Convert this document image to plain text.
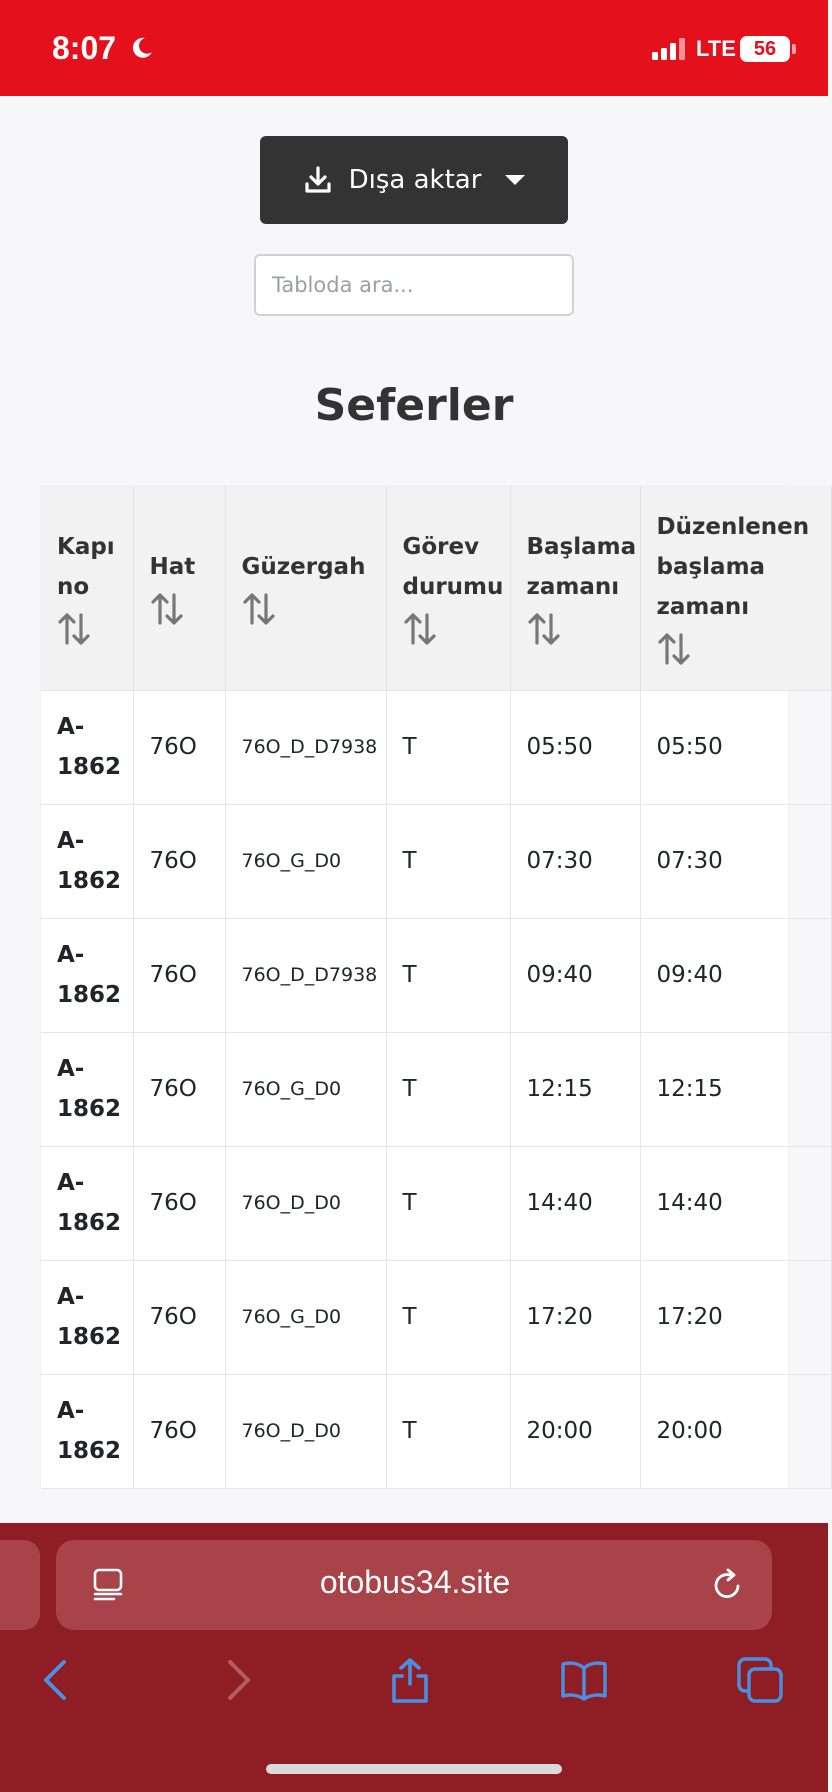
8:07	LTE 56
Dışa aktar
Tabloda ara...
Seferler
Kapı no	Hat	Güzergah	Görev durumu	Başlama zamanı	Düzenlenen başlama zamanı

A-1862	76O	76O_D_D7938	T	05:50	05:50
A-1862	76O	76O_G_D0	T	07:30	07:30
A-1862	76O	76O_D_D7938	T	09:40	09:40
A-1862	76O	76O_G_D0	T	12:15	12:15
A-1862	76O	76O_D_D0	T	14:40	14:40
A-1862	76O	76O_G_D0	T	17:20	17:20
A-1862	76O	76O_D_D0	T	20:00	20:00
otobus34.site
